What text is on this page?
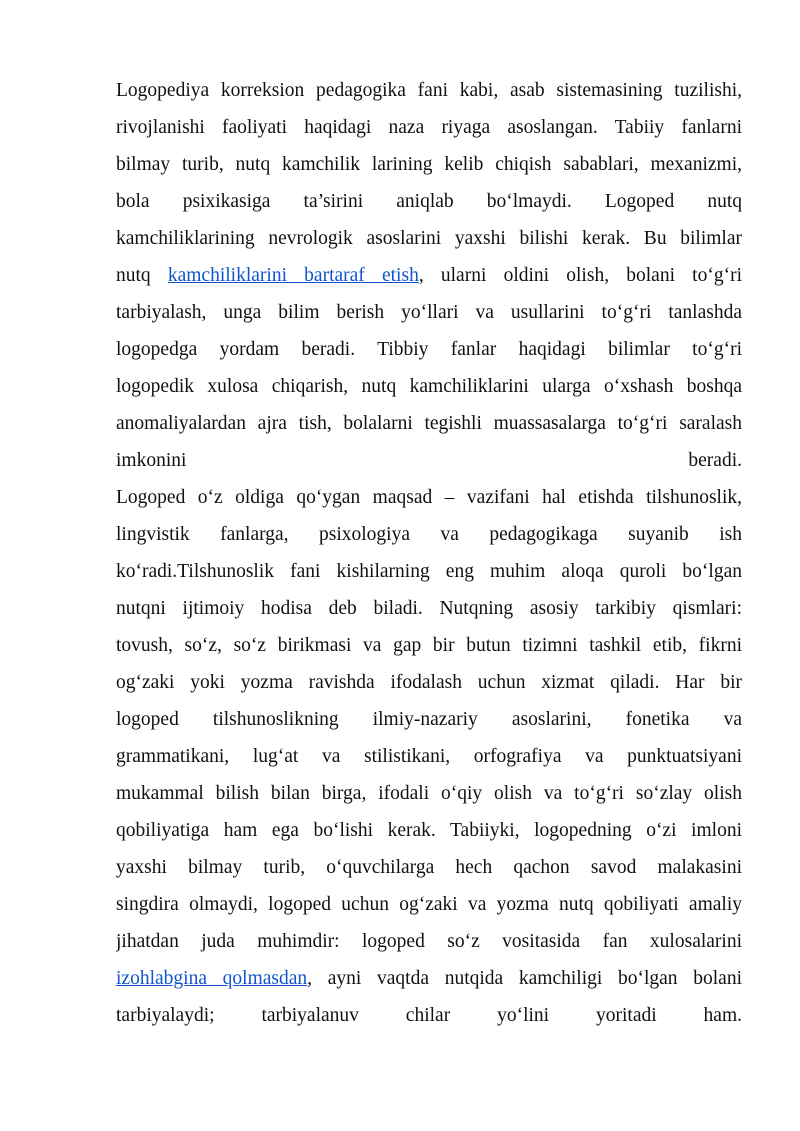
Logopediya korreksion pedagogika fani kabi, asab sistemasining tuzilishi,
rivojlanishi faoliyati haqidagi naza riyaga asoslangan. Tabiiy fanlarni
bilmay turib, nutq kamchilik larining kelib chiqish sabablari, mexanizmi,
bola psixikasiga ta’sirini aniqlab bo‘lmaydi. Logoped nutq
kamchiliklarining nevrologik asoslarini yaxshi bilishi kerak. Bu bilimlar
nutq kamchiliklarini bartaraf etish, ularni oldini olish, bolani to‘g‘ri
tarbiyalash, unga bilim berish yo‘llari va usullarini to‘g‘ri tanlashda
logopedga yordam beradi. Tibbiy fanlar haqidagi bilimlar to‘g‘ri
logopedik xulosa chiqarish, nutq kamchiliklarini ularga o‘xshash boshqa
anomaliyalardan ajra tish, bolalarni tegishli muassasalarga to‘g‘ri saralash
imkonini beradi.
Logoped o‘z oldiga qo‘ygan maqsad – vazifani hal etishda tilshunoslik,
lingvistik fanlarga, psixologiya va pedagogikaga suyanib ish
ko‘radi.Tilshunoslik fani kishilarning eng muhim aloqa quroli bo‘lgan
nutqni ijtimoiy hodisa deb biladi. Nutqning asosiy tarkibiy qismlari:
tovush, so‘z, so‘z birikmasi va gap bir butun tizimni tashkil etib, fikrni
og‘zaki yoki yozma ravishda ifodalash uchun xizmat qiladi. Har bir
logoped tilshunoslikning ilmiy-nazariy asoslarini, fonetika va
grammatikani, lug‘at va stilistikani, orfografiya va punktuatsiyani
mukammal bilish bilan birga, ifodali o‘qiy olish va to‘g‘ri so‘zlay olish
qobiliyatiga ham ega bo‘lishi kerak. Tabiiyki, logopedning o‘zi imloni
yaxshi bilmay turib, o‘quvchilarga hech qachon savod malakasini
singdira olmaydi, logoped uchun og‘zaki va yozma nutq qobiliyati amaliy
jihatdan juda muhimdir: logoped so‘z vositasida fan xulosalarini
izohlabgina qolmasdan, ayni vaqtda nutqida kamchiligi bo‘lgan bolani
tarbiyalaydi; tarbiyalanuv chilar yo‘lini yoritadi ham.
